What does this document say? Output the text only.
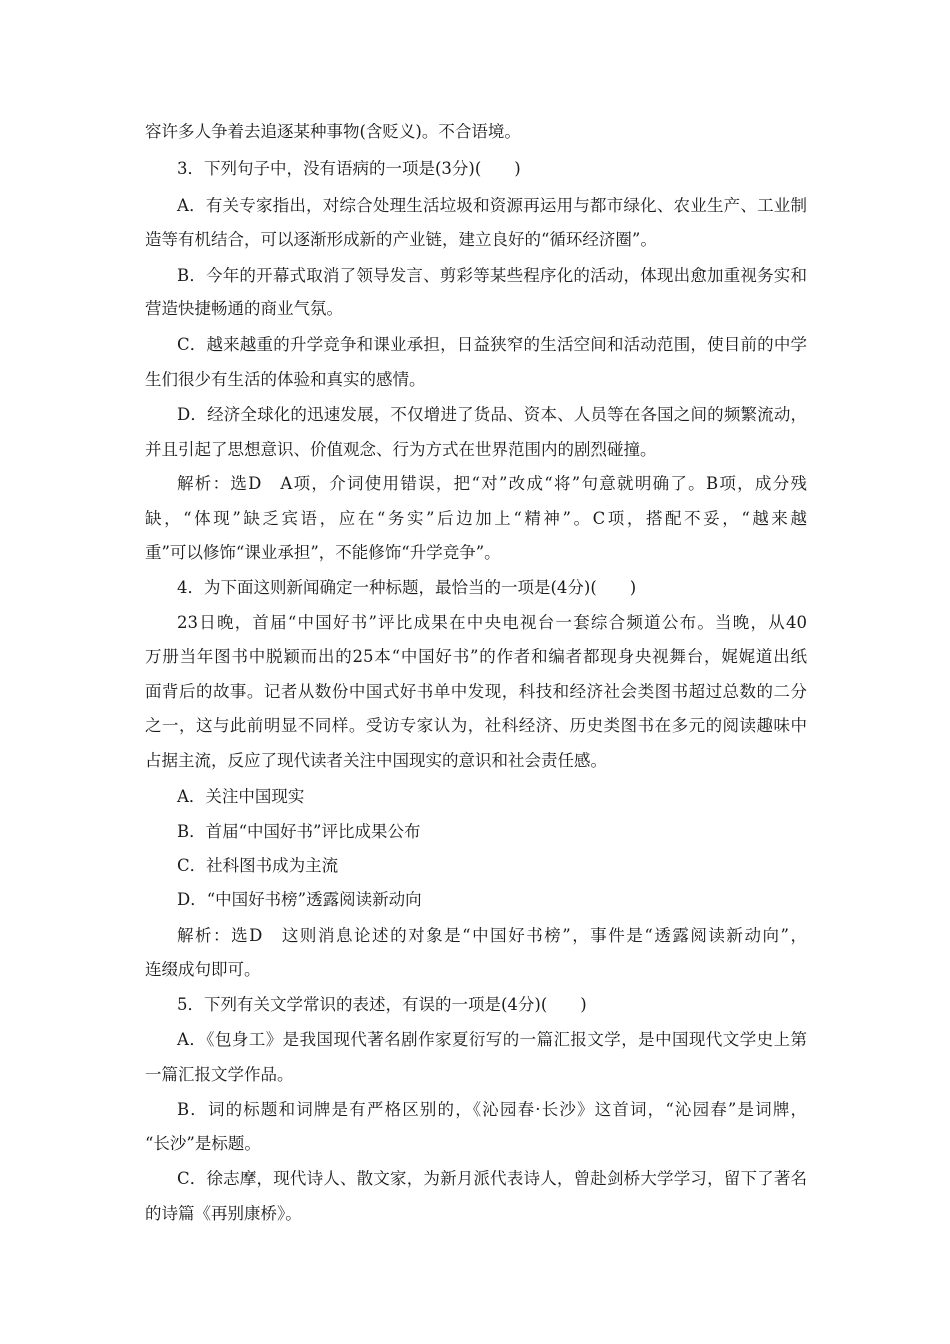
容许多人争着去追逐某种事物(含贬义)。不合语境。
3．下列句子中，没有语病的一项是(3分)(　　)
A．有关专家指出，对综合处理生活垃圾和资源再运用与都市绿化、农业生产、工业制
造等有机结合，可以逐渐形成新的产业链，建立良好的“循环经济圈”。
B．今年的开幕式取消了领导发言、剪彩等某些程序化的活动，体现出愈加重视务实和
营造快捷畅通的商业气氛。
C．越来越重的升学竞争和课业承担，日益狭窄的生活空间和活动范围，使目前的中学
生们很少有生活的体验和真实的感情。
D．经济全球化的迅速发展，不仅增进了货品、资本、人员等在各国之间的频繁流动，
并且引起了思想意识、价值观念、行为方式在世界范围内的剧烈碰撞。
解析：选D　A项，介词使用错误，把“对”改成“将”句意就明确了。B项，成分残
缺，“体现”缺乏宾语，应在“务实”后边加上“精神”。C项，搭配不妥，“越来越
重”可以修饰“课业承担”，不能修饰“升学竞争”。
4．为下面这则新闻确定一种标题，最恰当的一项是(4分)(　　)
23日晚，首届“中国好书”评比成果在中央电视台一套综合频道公布。当晚，从40
万册当年图书中脱颖而出的25本“中国好书”的作者和编者都现身央视舞台，娓娓道出纸
面背后的故事。记者从数份中国式好书单中发现，科技和经济社会类图书超过总数的二分
之一，这与此前明显不同样。受访专家认为，社科经济、历史类图书在多元的阅读趣味中
占据主流，反应了现代读者关注中国现实的意识和社会责任感。
A．关注中国现实
B．首届“中国好书”评比成果公布
C．社科图书成为主流
D．“中国好书榜”透露阅读新动向
解析：选D　这则消息论述的对象是“中国好书榜”，事件是“透露阅读新动向”，
连缀成句即可。
5．下列有关文学常识的表述，有误的一项是(4分)(　　)
A．《包身工》是我国现代著名剧作家夏衍写的一篇汇报文学，是中国现代文学史上第
一篇汇报文学作品。
B．词的标题和词牌是有严格区别的，《沁园春·长沙》这首词，“沁园春”是词牌，
“长沙”是标题。
C．徐志摩，现代诗人、散文家，为新月派代表诗人，曾赴剑桥大学学习，留下了著名
的诗篇《再别康桥》。
